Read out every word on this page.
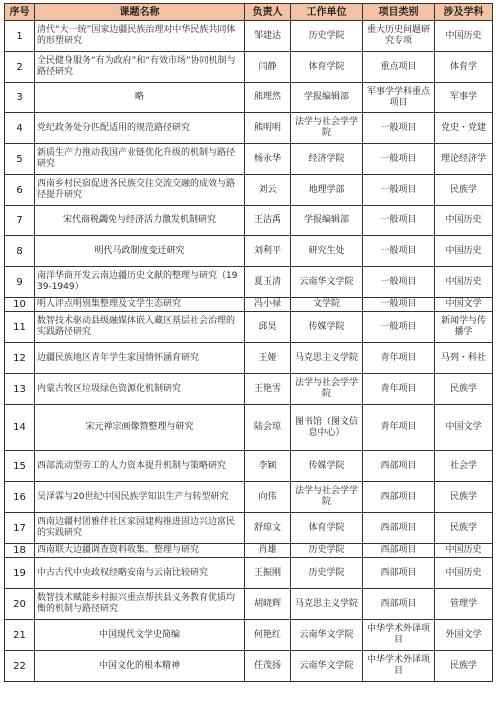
序号	课题名称	负责人	工作单位	项目类别	涉及学科
1	清代“大一统”国家边疆民族治理对中华民族共同体的形塑研究	邹建达	历史学院	重大历史问题研究专项	中国历史
2	全民健身服务“有为政府”和“有效市场”协同机制与路径研究	闫静	体育学院	重点项目	体育学
3	略	熊理然	学报编辑部	军事学学科重点项目	军事学
4	党纪政务处分匹配适用的规范路径研究	熊明明	法学与社会学学院	一般项目	党史・党建
5	新质生产力推动我国产业链优化升级的机制与路径研究	杨永华	经济学院	一般项目	理论经济学
6	西南乡村民宿促进各民族交往交流交融的成效与路径提升研究	刘云	地理学部	一般项目	民族学
7	宋代商税蠲免与经济活力激发机制研究	王洁禹	学报编辑部	一般项目	中国历史
8	明代马政制度变迁研究	刘利平	研究生处	一般项目	中国历史
9	南洋华商开发云南边疆历史文献的整理与研究（1939-1949）	夏玉清	云南华文学院	一般项目	中国历史
10	明人评点明别集整理及文学生态研究	冯小禄	文学院	一般项目	中国文学
11	数智技术驱动县级融媒体嵌入藏区基层社会治理的实践路径研究	邱昊	传媒学院	一般项目	新闻学与传播学
12	边疆民族地区青年学生家国情怀涵育研究	王娅	马克思主义学院	青年项目	马列・科社
13	内蒙古牧区垃圾绿色资源化机制研究	王艳雪	法学与社会学学院	青年项目	民族学
14	宋元禅宗画像赞整理与研究	陆会琼	图书馆（图文信息中心）	青年项目	中国文学
15	西部流动型劳工的人力资本提升机制与策略研究	李颖	传媒学院	西部项目	社会学
16	吴泽霖与20世纪中国民族学知识生产与转型研究	向伟	法学与社会学学院	西部项目	民族学
17	西南边疆村团雅伴社区家园建构推进固边兴边富民的实践研究	舒琼文	体育学院	西部项目	民族学
18	西南联大边疆调查资料收集、整理与研究	肖雄	历史学院	西部项目	中国历史
19	中古古代中央政权经略安南与云南比较研究	王振刚	历史学院	西部项目	中国历史
20	数智技术赋能乡村振兴重点帮扶县义务教育优质均衡的机制与路径研究	胡晓辉	马克思主义学院	西部项目	管理学
21	中国现代文学史简编	何艳红	云南华文学院	中华学术外译项目	外国文学
22	中国文化的根本精神	任茂扬	云南华文学院	中华学术外译项目	民族学
